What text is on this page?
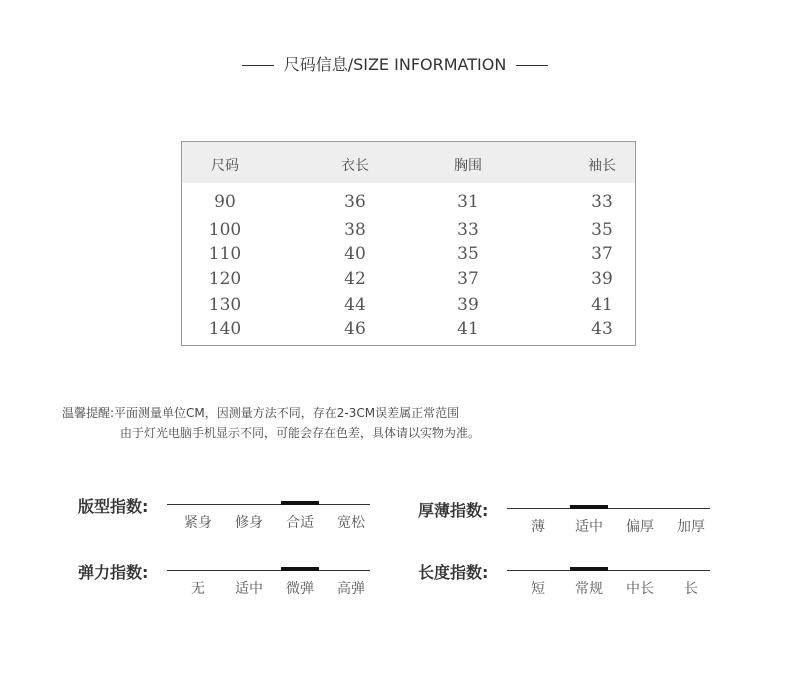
尺码信息/SIZE INFORMATION
尺码	衣长	胸围	袖长
90	36	31	33
100	38	33	35
110	40	35	37
120	42	37	39
130	44	39	41
140	46	41	43
温馨提醒:平面测量单位CM，因测量方法不同，存在2-3CM误差属正常范围
由于灯光电脑手机显示不同，可能会存在色差，具体请以实物为准。
版型指数:
紧身	修身	合适	宽松
厚薄指数:
薄	适中	偏厚	加厚
弹力指数:
无	适中	微弹	高弹
长度指数:
短	常规	中长	长
